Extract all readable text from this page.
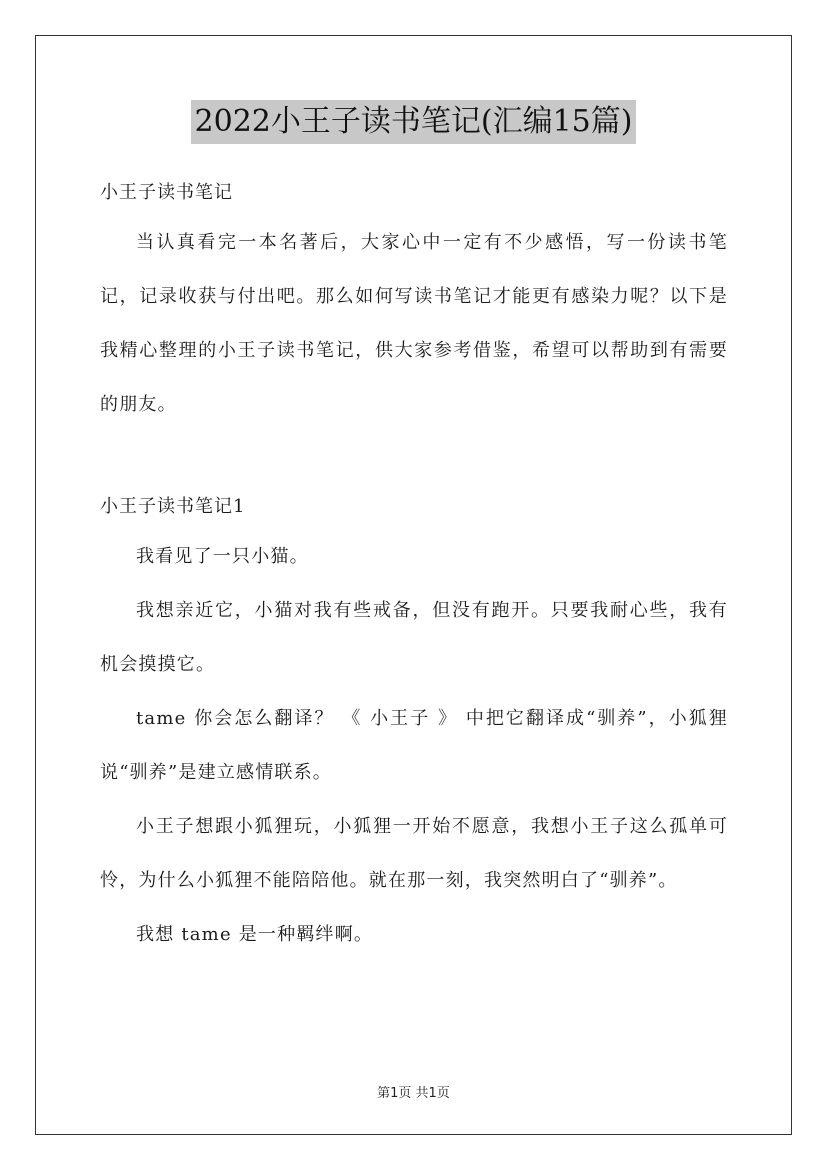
2022小王子读书笔记(汇编15篇)

小王子读书笔记

当认真看完一本名著后，大家心中一定有不少感悟，写一份读书笔记，记录收获与付出吧。那么如何写读书笔记才能更有感染力呢？以下是我精心整理的小王子读书笔记，供大家参考借鉴，希望可以帮助到有需要的朋友。

小王子读书笔记1

我看见了一只小猫。

我想亲近它，小猫对我有些戒备，但没有跑开。只要我耐心些，我有机会摸摸它。

tame 你会怎么翻译？ 《 小王子 》 中把它翻译成“驯养”，小狐狸说“驯养”是建立感情联系。

小王子想跟小狐狸玩，小狐狸一开始不愿意，我想小王子这么孤单可怜，为什么小狐狸不能陪陪他。就在那一刻，我突然明白了“驯养”。

我想 tame 是一种羁绊啊。

第1页 共1页
